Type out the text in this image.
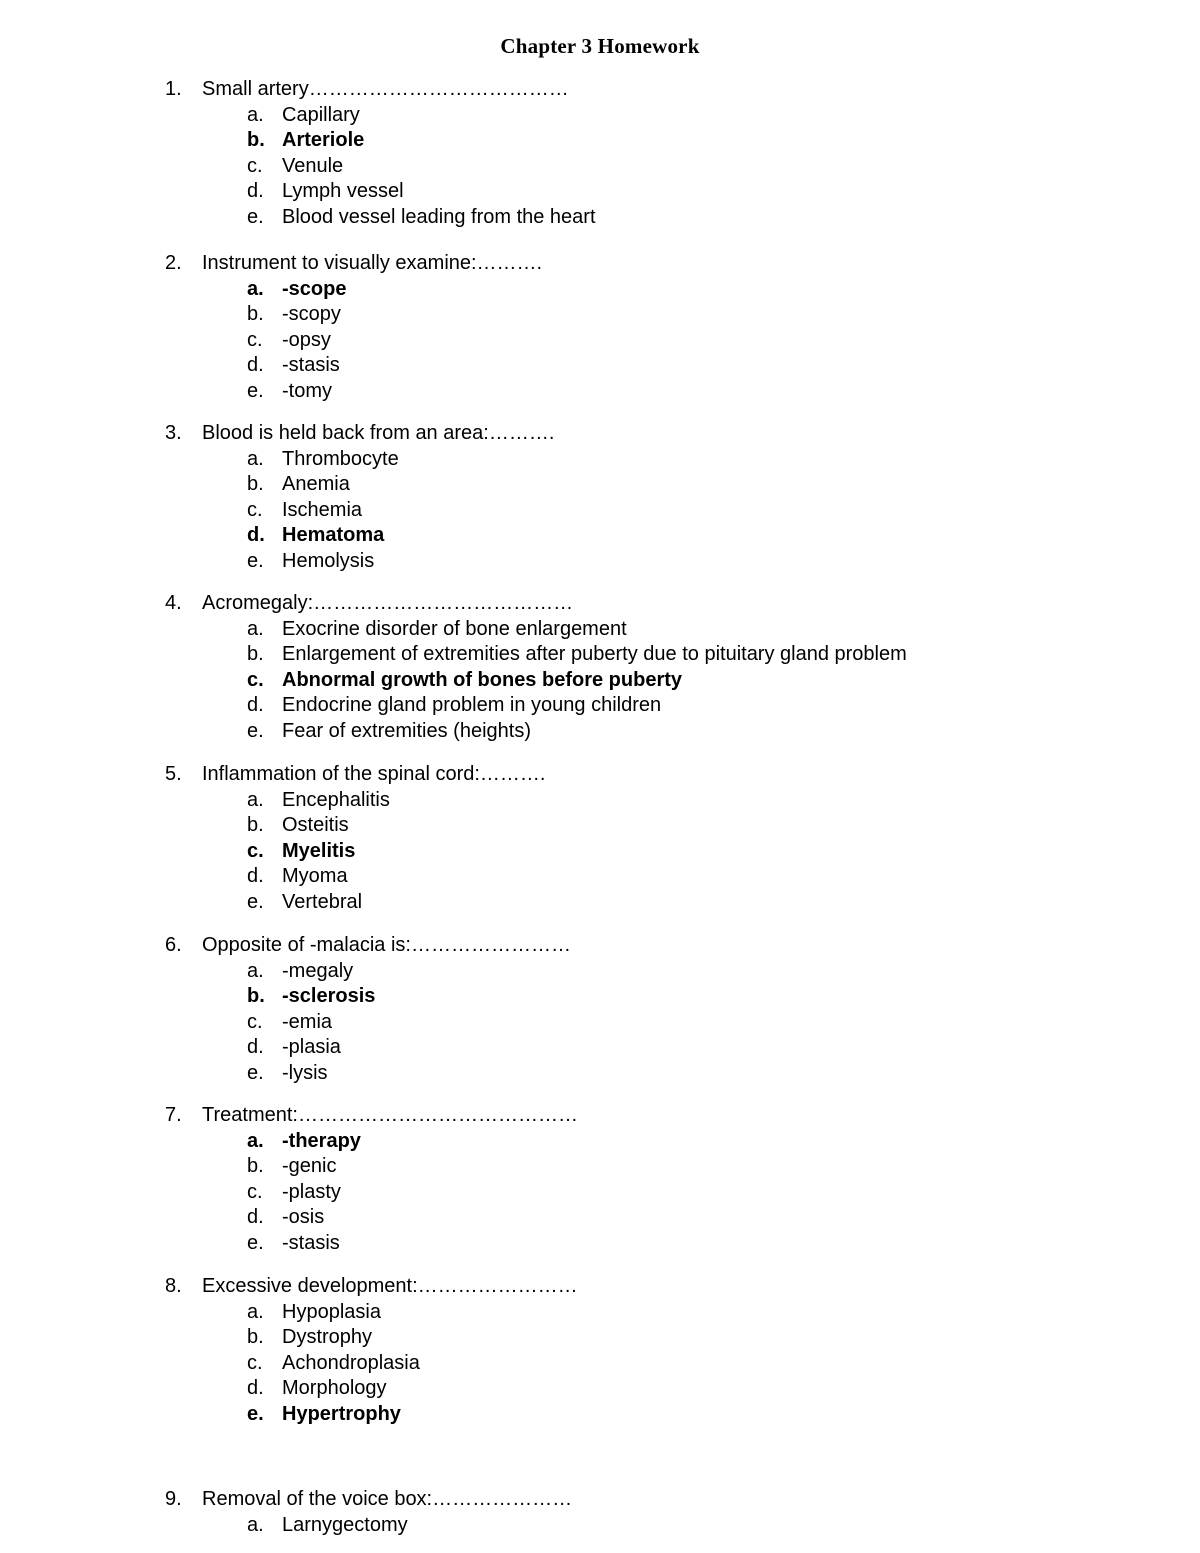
Chapter 3 Homework
1. Small artery…………………………………
a. Capillary
b. Arteriole
c. Venule
d. Lymph vessel
e. Blood vessel leading from the heart
2. Instrument to visually examine:……….
a. -scope
b. -scopy
c. -opsy
d. -stasis
e. -tomy
3. Blood is held back from an area:……….
a. Thrombocyte
b. Anemia
c. Ischemia
d. Hematoma
e. Hemolysis
4. Acromegaly:…………………………………
a. Exocrine disorder of bone enlargement
b. Enlargement of extremities after puberty due to pituitary gland problem
c. Abnormal growth of bones before puberty
d. Endocrine gland problem in young children
e. Fear of extremities (heights)
5. Inflammation of the spinal cord:……….
a. Encephalitis
b. Osteitis
c. Myelitis
d. Myoma
e. Vertebral
6. Opposite of -malacia is:……………………
a. -megaly
b. -sclerosis
c. -emia
d. -plasia
e. -lysis
7. Treatment:……………………………………
a. -therapy
b. -genic
c. -plasty
d. -osis
e. -stasis
8. Excessive development:……………………
a. Hypoplasia
b. Dystrophy
c. Achondroplasia
d. Morphology
e. Hypertrophy
9. Removal of the voice box:…………………
a. Larnygectomy
